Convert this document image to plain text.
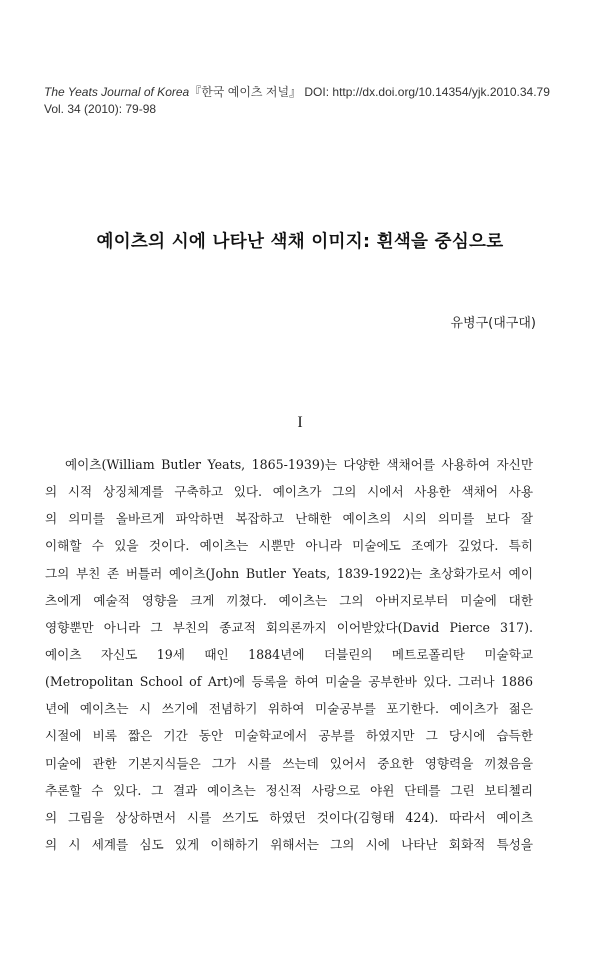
The Yeats Journal of Korea『한국 예이츠 저널』 DOI: http://dx.doi.org/10.14354/yjk.2010.34.79
Vol. 34 (2010): 79-98
예이츠의 시에 나타난 색채 이미지: 흰색을 중심으로
유병구(대구대)
I
예이츠(William Butler Yeats, 1865-1939)는 다양한 색채어를 사용하여 자신만
의 시적 상징체계를 구축하고 있다. 예이츠가 그의 시에서 사용한 색채어 사용
의 의미를 올바르게 파악하면 복잡하고 난해한 예이츠의 시의 의미를 보다 잘
이해할 수 있을 것이다. 예이츠는 시뿐만 아니라 미술에도 조예가 깊었다. 특히
그의 부친 존 버틀러 예이츠(John Butler Yeats, 1839-1922)는 초상화가로서 예이
츠에게 예술적 영향을 크게 끼쳤다. 예이츠는 그의 아버지로부터 미술에 대한
영향뿐만 아니라 그 부친의 종교적 회의론까지 이어받았다(David Pierce 317).
예이츠 자신도 19세 때인 1884년에 더블린의 메트로폴리탄 미술학교
(Metropolitan School of Art)에 등록을 하여 미술을 공부한바 있다. 그러나 1886
년에 예이츠는 시 쓰기에 전념하기 위하여 미술공부를 포기한다. 예이츠가 젊은
시절에 비록 짧은 기간 동안 미술학교에서 공부를 하였지만 그 당시에 습득한
미술에 관한 기본지식들은 그가 시를 쓰는데 있어서 중요한 영향력을 끼쳤음을
추론할 수 있다. 그 결과 예이츠는 정신적 사랑으로 야윈 단테를 그린 보티첼리
의 그림을 상상하면서 시를 쓰기도 하였던 것이다(김형태 424). 따라서 예이츠
의 시 세계를 심도 있게 이해하기 위해서는 그의 시에 나타난 회화적 특성을
